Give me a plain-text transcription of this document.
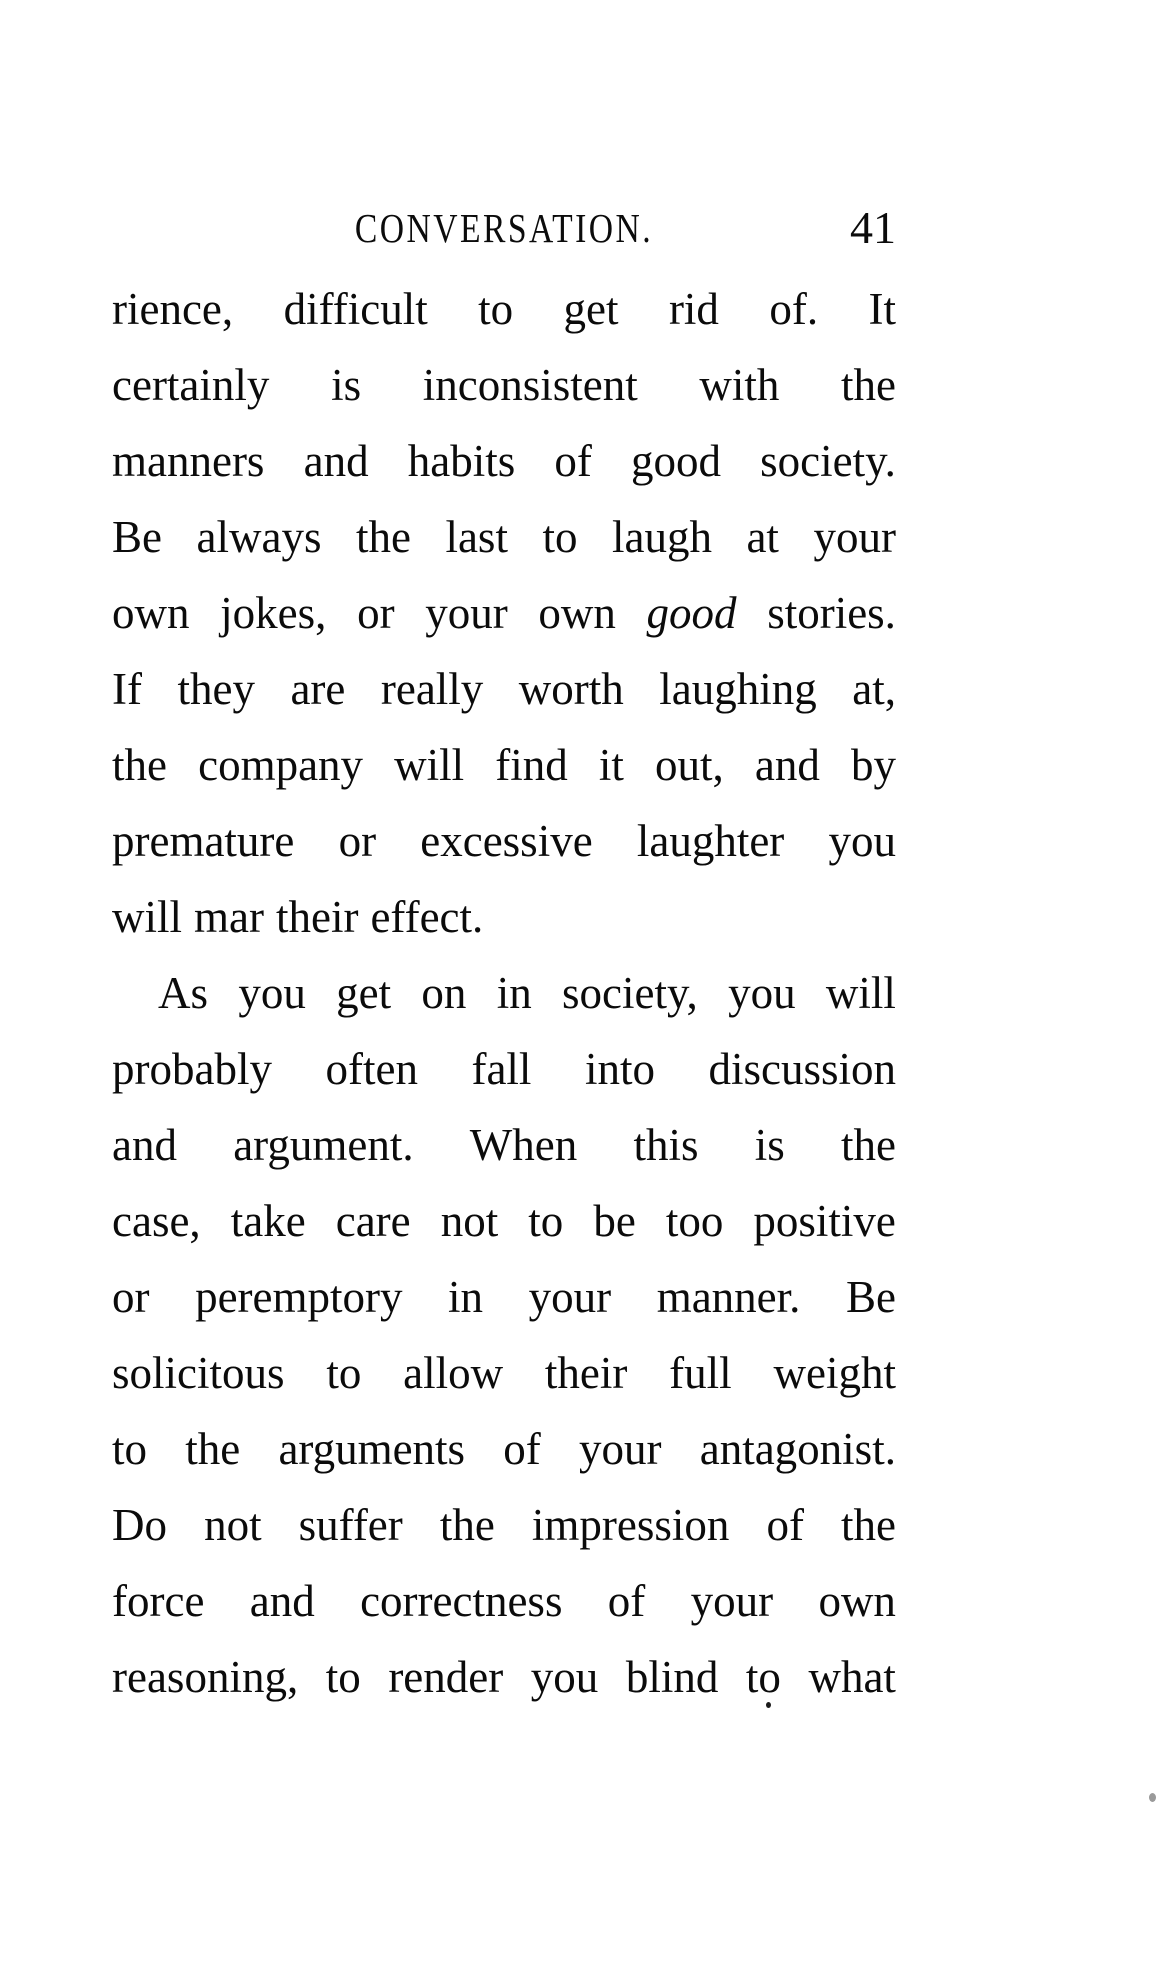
CONVERSATION.	41
rience, difficult to get rid of. It
certainly is inconsistent with the
manners and habits of good society.
Be always the last to laugh at your
own jokes, or your own good stories.
If they are really worth laughing at,
the company will find it out, and by
premature or excessive laughter you
will mar their effect.
As you get on in society, you will
probably often fall into discussion
and argument. When this is the
case, take care not to be too positive
or peremptory in your manner. Be
solicitous to allow their full weight
to the arguments of your antagonist.
Do not suffer the impression of the
force and correctness of your own
reasoning, to render you blind to what
